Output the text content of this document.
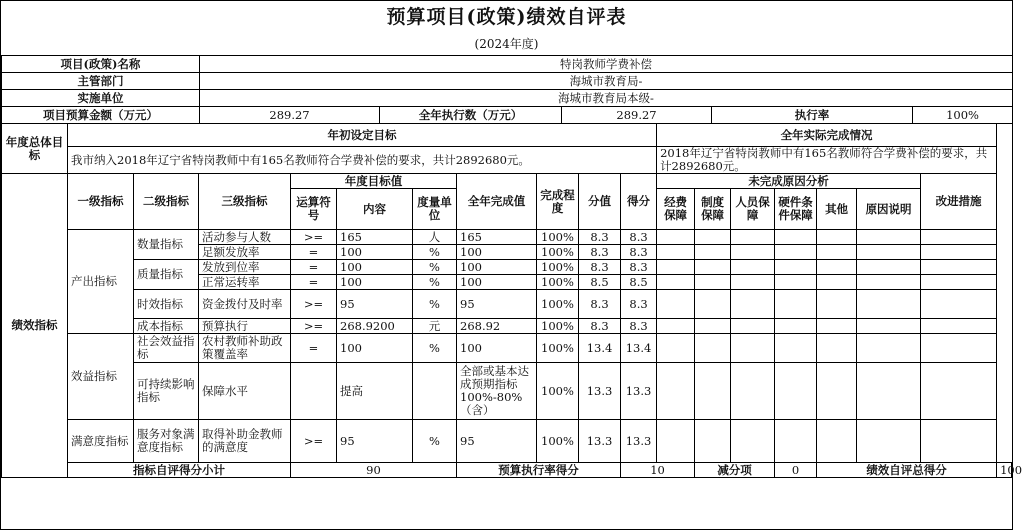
预算项目(政策)绩效自评表
(2024年度)
项目(政策)名称	特岗教师学费补偿				
主管部门	海城市教育局-				
实施单位	海城市教育局本级-				
项目预算金额（万元）	289.27	全年执行数（万元）	289.27	执行率	100%
年度总体目标	年初设定目标										全年实际完成情况							
	我市纳入2018年辽宁省特岗教师中有165名教师符合学费补偿的要求，共计2892680元。										2018年辽宁省特岗教师中有165名教师符合学费补偿的要求，共计2892680元。							
绩效指标	一级指标	二级指标	三级指标	年度目标值			全年完成值	完成程度	分值	得分	未完成原因分析						改进措施	
				运算符号	内容	度量单位					经费保障	制度保障	人员保障	硬件条件保障	其他	原因说明		
	产出指标	数量指标	活动参与人数	>=	165	人	165	100%	8.3	8.3								
			足额发放率	=	100	%	100	100%	8.3	8.3								
		质量指标	发放到位率	=	100	%	100	100%	8.3	8.3								
			正常运转率	=	100	%	100	100%	8.5	8.5								
		时效指标	资金拨付及时率	>=	95	%	95	100%	8.3	8.3								
		成本指标	预算执行	>=	268.9200	元	268.92	100%	8.3	8.3								
	效益指标	社会效益指标	农村教师补助政策覆盖率	=	100	%	100	100%	13.4	13.4								
		可持续影响指标	保障水平		提高		全部或基本达成预期指标100%-80%（含）	100%	13.3	13.3								
	满意度指标	服务对象满意度指标	取得补助金教师的满意度	>=	95	%	95	100%	13.3	13.3								
	指标自评得分小计			90			预算执行率得分			10		减分项		0	绩效自评总得分			100
